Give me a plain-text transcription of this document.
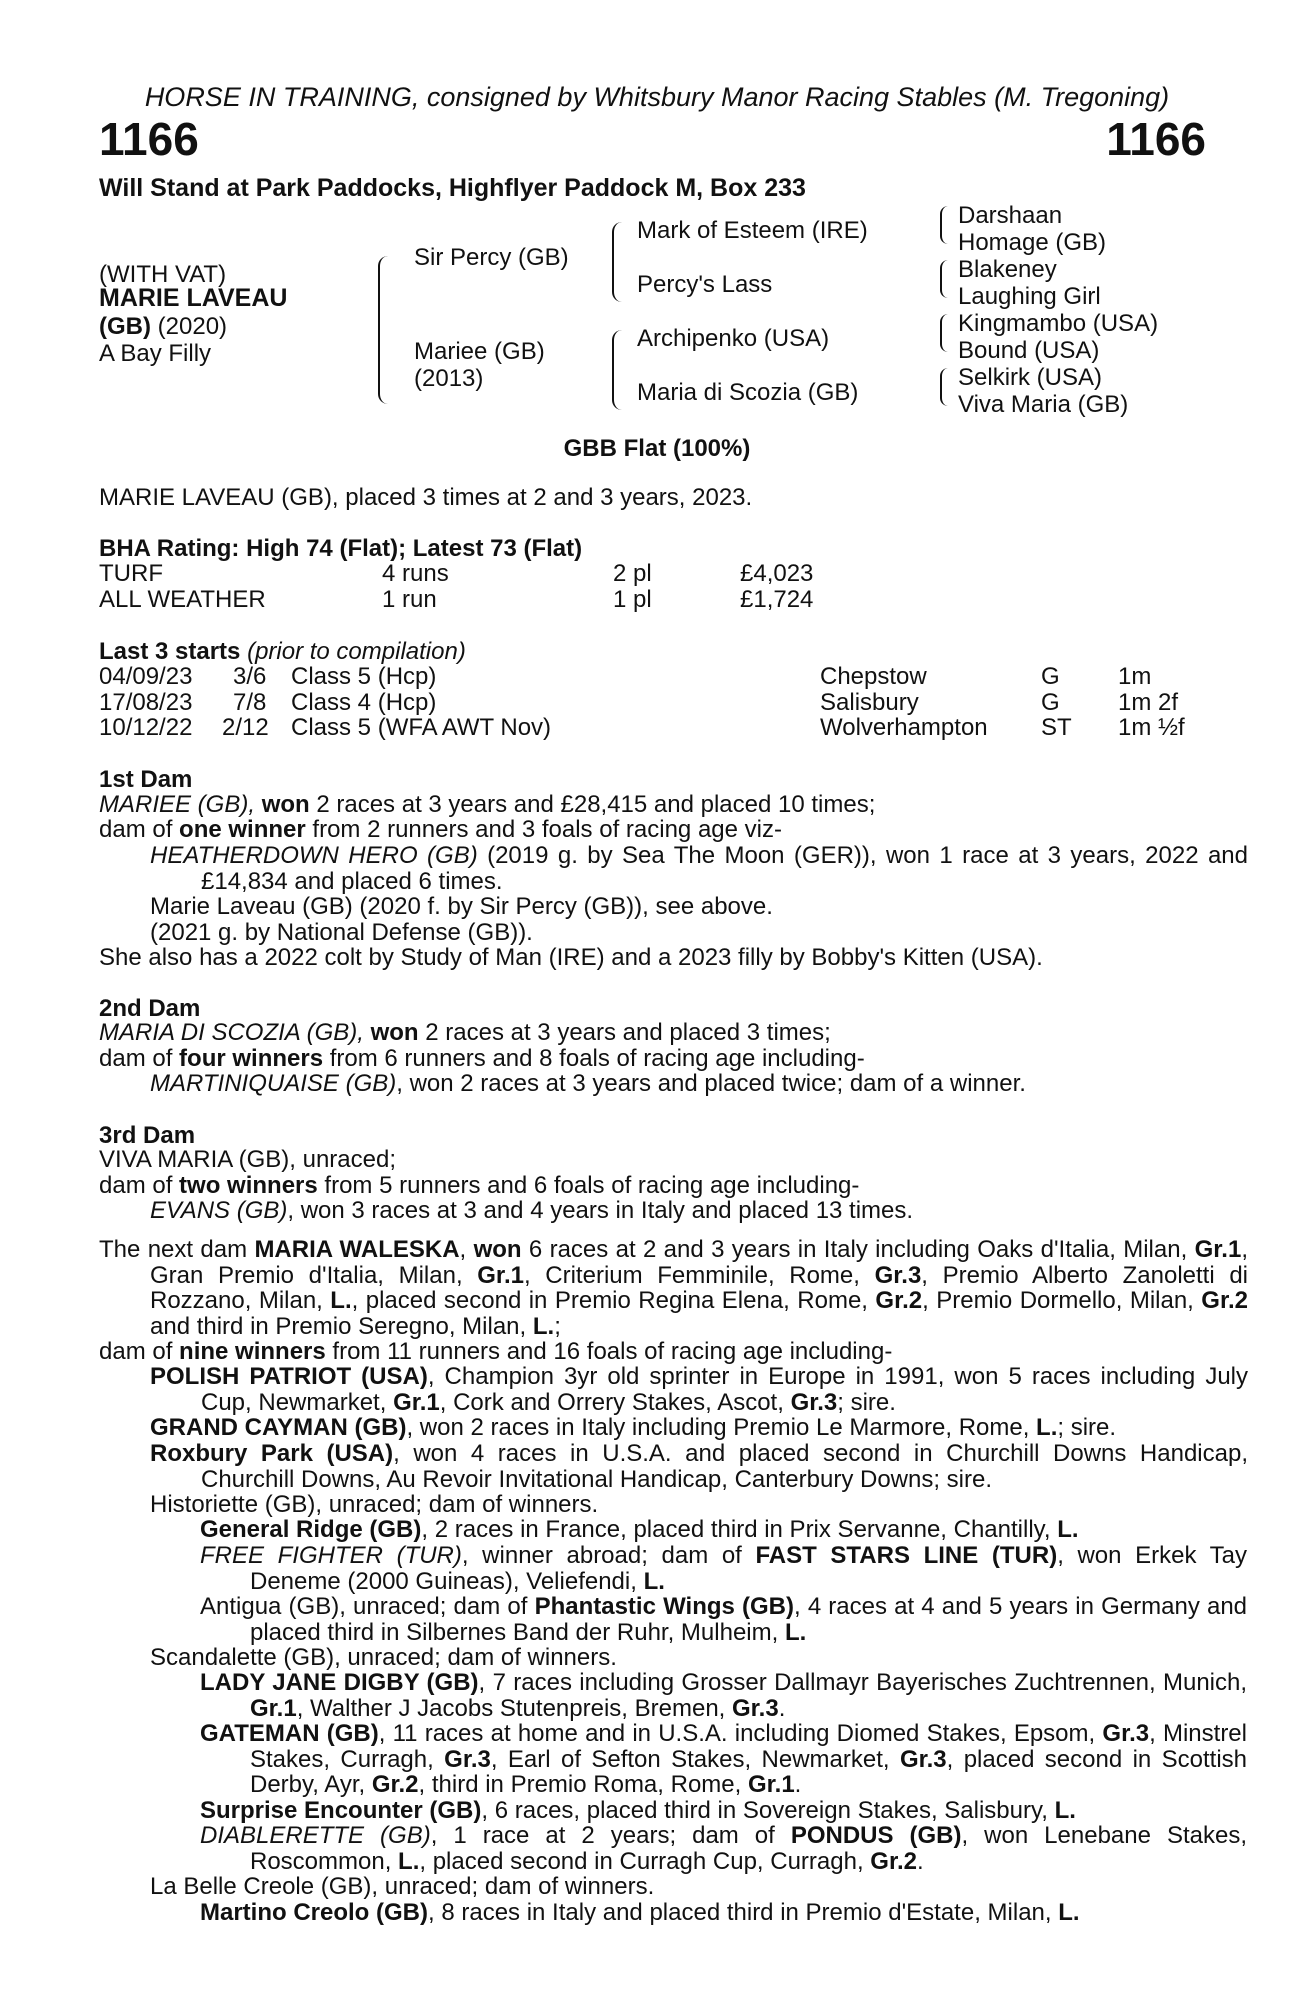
HORSE IN TRAINING, consigned by Whitsbury Manor Racing Stables (M. Tregoning)
1166	1166
Will Stand at Park Paddocks, Highflyer Paddock M, Box 233
(WITH VAT)
MARIE LAVEAU
(GB) (2020)
A Bay Filly
Sir Percy (GB)
Mariee (GB)
(2013)
Mark of Esteem (IRE)
Percy's Lass
Archipenko (USA)
Maria di Scozia (GB)
Darshaan
Homage (GB)
Blakeney
Laughing Girl
Kingmambo (USA)
Bound (USA)
Selkirk (USA)
Viva Maria (GB)
GBB Flat (100%)
MARIE LAVEAU (GB), placed 3 times at 2 and 3 years, 2023.
BHA Rating: High 74 (Flat); Latest 73 (Flat)
TURF	4 runs	2 pl	£4,023
ALL WEATHER	1 run	1 pl	£1,724
Last 3 starts (prior to compilation)
04/09/23 3/6 Class 5 (Hcp)	Chepstow	G 1m
17/08/23 7/8 Class 4 (Hcp)	Salisbury	G 1m 2f
10/12/22 2/12 Class 5 (WFA AWT Nov)	Wolverhampton ST 1m ½f
1st Dam
MARIEE (GB), won 2 races at 3 years and £28,415 and placed 10 times;
dam of one winner from 2 runners and 3 foals of racing age viz-
HEATHERDOWN HERO (GB) (2019 g. by Sea The Moon (GER)), won 1 race at 3 years, 2022 and £14,834 and placed 6 times.
Marie Laveau (GB) (2020 f. by Sir Percy (GB)), see above.
(2021 g. by National Defense (GB)).
She also has a 2022 colt by Study of Man (IRE) and a 2023 filly by Bobby's Kitten (USA).
2nd Dam
MARIA DI SCOZIA (GB), won 2 races at 3 years and placed 3 times;
dam of four winners from 6 runners and 8 foals of racing age including-
MARTINIQUAISE (GB), won 2 races at 3 years and placed twice; dam of a winner.
3rd Dam
VIVA MARIA (GB), unraced;
dam of two winners from 5 runners and 6 foals of racing age including-
EVANS (GB), won 3 races at 3 and 4 years in Italy and placed 13 times.
The next dam MARIA WALESKA, won 6 races at 2 and 3 years in Italy including Oaks d'Italia, Milan, Gr.1, Gran Premio d'Italia, Milan, Gr.1, Criterium Femminile, Rome, Gr.3, Premio Alberto Zanoletti di Rozzano, Milan, L., placed second in Premio Regina Elena, Rome, Gr.2, Premio Dormello, Milan, Gr.2 and third in Premio Seregno, Milan, L.;
dam of nine winners from 11 runners and 16 foals of racing age including-
POLISH PATRIOT (USA), Champion 3yr old sprinter in Europe in 1991, won 5 races including July Cup, Newmarket, Gr.1, Cork and Orrery Stakes, Ascot, Gr.3; sire.
GRAND CAYMAN (GB), won 2 races in Italy including Premio Le Marmore, Rome, L.; sire.
Roxbury Park (USA), won 4 races in U.S.A. and placed second in Churchill Downs Handicap, Churchill Downs, Au Revoir Invitational Handicap, Canterbury Downs; sire.
Historiette (GB), unraced; dam of winners.
General Ridge (GB), 2 races in France, placed third in Prix Servanne, Chantilly, L.
FREE FIGHTER (TUR), winner abroad; dam of FAST STARS LINE (TUR), won Erkek Tay Deneme (2000 Guineas), Veliefendi, L.
Antigua (GB), unraced; dam of Phantastic Wings (GB), 4 races at 4 and 5 years in Germany and placed third in Silbernes Band der Ruhr, Mulheim, L.
Scandalette (GB), unraced; dam of winners.
LADY JANE DIGBY (GB), 7 races including Grosser Dallmayr Bayerisches Zuchtrennen, Munich, Gr.1, Walther J Jacobs Stutenpreis, Bremen, Gr.3.
GATEMAN (GB), 11 races at home and in U.S.A. including Diomed Stakes, Epsom, Gr.3, Minstrel Stakes, Curragh, Gr.3, Earl of Sefton Stakes, Newmarket, Gr.3, placed second in Scottish Derby, Ayr, Gr.2, third in Premio Roma, Rome, Gr.1.
Surprise Encounter (GB), 6 races, placed third in Sovereign Stakes, Salisbury, L.
DIABLERETTE (GB), 1 race at 2 years; dam of PONDUS (GB), won Lenebane Stakes, Roscommon, L., placed second in Curragh Cup, Curragh, Gr.2.
La Belle Creole (GB), unraced; dam of winners.
Martino Creolo (GB), 8 races in Italy and placed third in Premio d'Estate, Milan, L.
